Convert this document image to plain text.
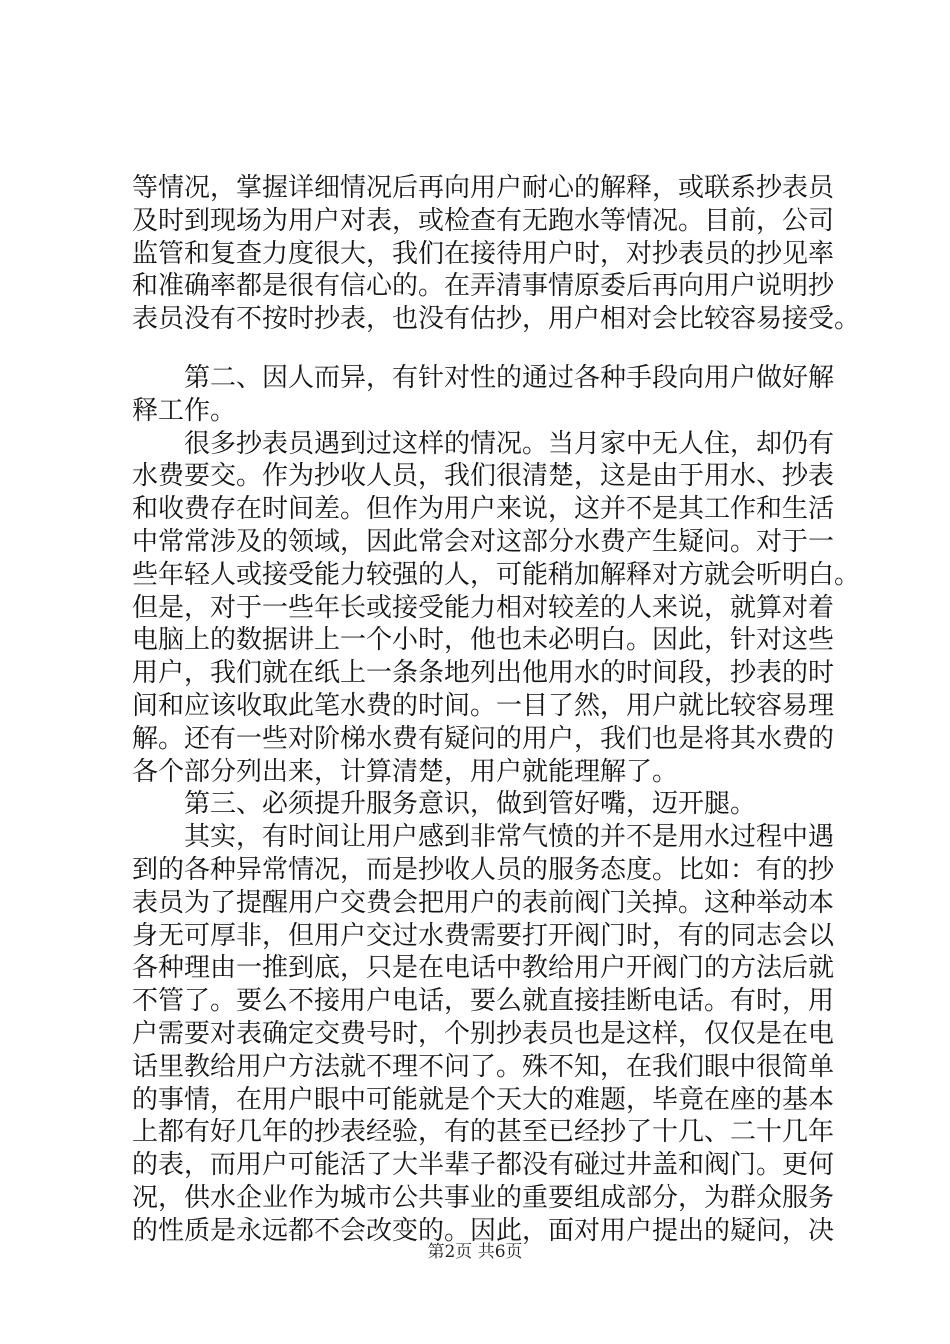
等情况，掌握详细情况后再向用户耐心的解释，或联系抄表员
及时到现场为用户对表，或检查有无跑水等情况。目前，公司
监管和复查力度很大，我们在接待用户时，对抄表员的抄见率
和准确率都是很有信心的。在弄清事情原委后再向用户说明抄
表员没有不按时抄表，也没有估抄，用户相对会比较容易接受。
第二、因人而异，有针对性的通过各种手段向用户做好解
释工作。
很多抄表员遇到过这样的情况。当月家中无人住，却仍有
水费要交。作为抄收人员，我们很清楚，这是由于用水、抄表
和收费存在时间差。但作为用户来说，这并不是其工作和生活
中常常涉及的领域，因此常会对这部分水费产生疑问。对于一
些年轻人或接受能力较强的人，可能稍加解释对方就会听明白。
但是，对于一些年长或接受能力相对较差的人来说，就算对着
电脑上的数据讲上一个小时，他也未必明白。因此，针对这些
用户，我们就在纸上一条条地列出他用水的时间段，抄表的时
间和应该收取此笔水费的时间。一目了然，用户就比较容易理
解。还有一些对阶梯水费有疑问的用户，我们也是将其水费的
各个部分列出来，计算清楚，用户就能理解了。
第三、必须提升服务意识，做到管好嘴，迈开腿。
其实，有时间让用户感到非常气愤的并不是用水过程中遇
到的各种异常情况，而是抄收人员的服务态度。比如：有的抄
表员为了提醒用户交费会把用户的表前阀门关掉。这种举动本
身无可厚非，但用户交过水费需要打开阀门时，有的同志会以
各种理由一推到底，只是在电话中教给用户开阀门的方法后就
不管了。要么不接用户电话，要么就直接挂断电话。有时，用
户需要对表确定交费号时，个别抄表员也是这样，仅仅是在电
话里教给用户方法就不理不问了。殊不知，在我们眼中很简单
的事情，在用户眼中可能就是个天大的难题，毕竟在座的基本
上都有好几年的抄表经验，有的甚至已经抄了十几、二十几年
的表，而用户可能活了大半辈子都没有碰过井盖和阀门。更何
况，供水企业作为城市公共事业的重要组成部分，为群众服务
的性质是永远都不会改变的。因此，面对用户提出的疑问，决
第2页 共6页
